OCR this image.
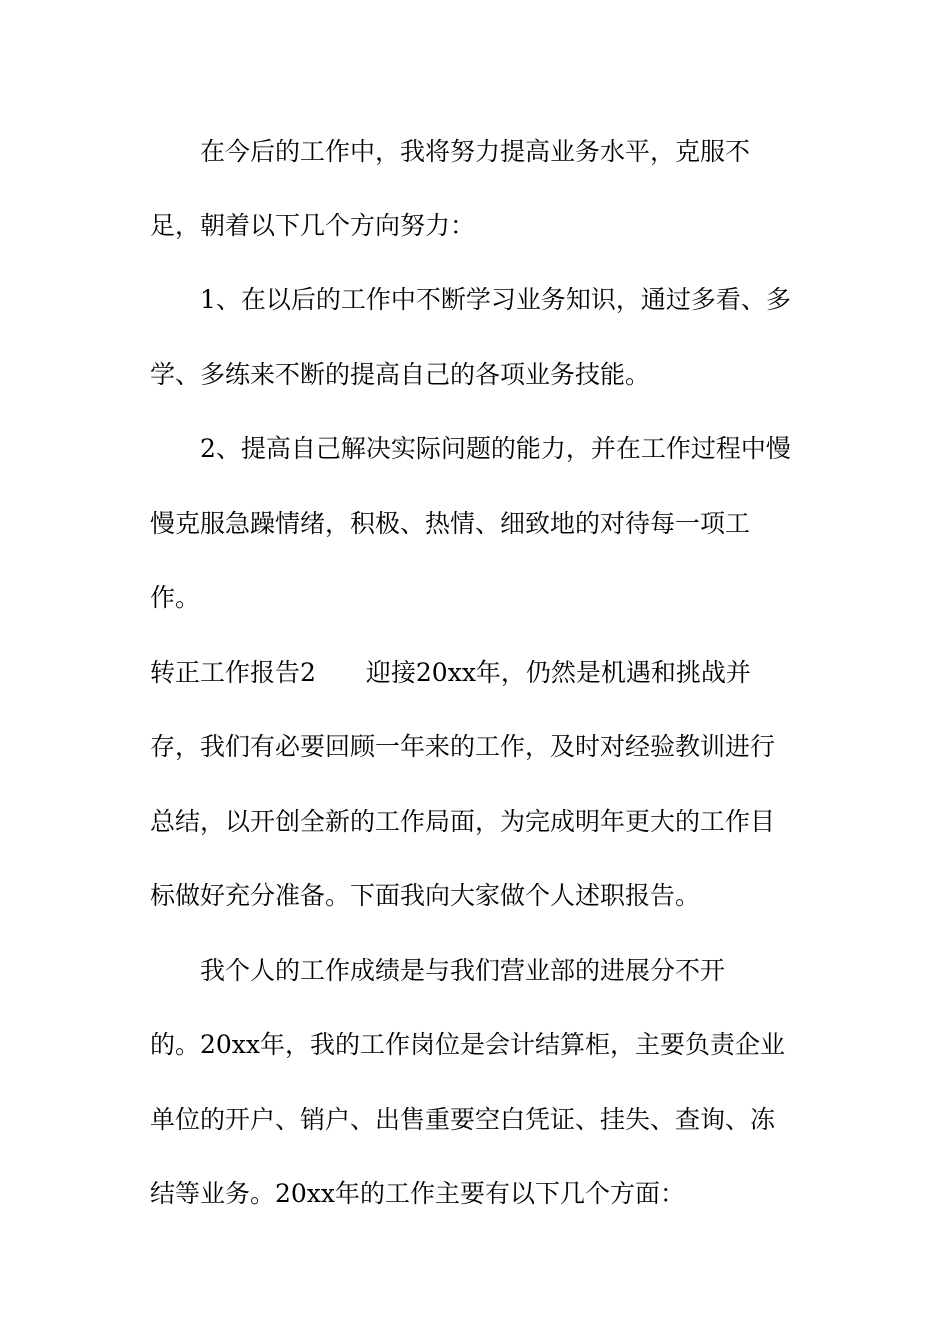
　　在今后的工作中，我将努力提高业务水平，克服不
足，朝着以下几个方向努力：
　　1、在以后的工作中不断学习业务知识，通过多看、多
学、多练来不断的提高自己的各项业务技能。
　　2、提高自己解决实际问题的能力，并在工作过程中慢
慢克服急躁情绪，积极、热情、细致地的对待每一项工
作。
转正工作报告2　　迎接20xx年，仍然是机遇和挑战并
存，我们有必要回顾一年来的工作，及时对经验教训进行
总结，以开创全新的工作局面，为完成明年更大的工作目
标做好充分准备。下面我向大家做个人述职报告。
　　我个人的工作成绩是与我们营业部的进展分不开
的。20xx年，我的工作岗位是会计结算柜，主要负责企业
单位的开户、销户、出售重要空白凭证、挂失、查询、冻
结等业务。20xx年的工作主要有以下几个方面：
